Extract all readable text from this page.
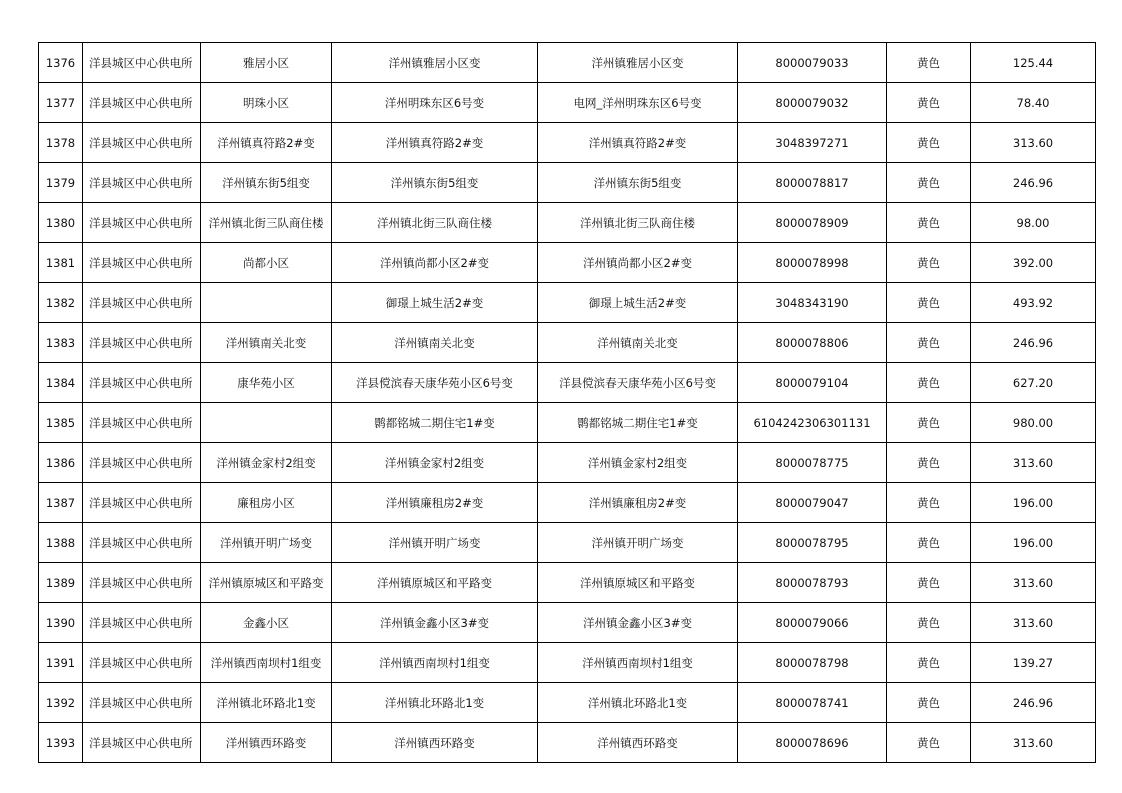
1376	洋县城区中心供电所	雅居小区	洋州镇雅居小区变	洋州镇雅居小区变	8000079033	黄色	125.44
1377	洋县城区中心供电所	明珠小区	洋州明珠东区6号变	电网_洋州明珠东区6号变	8000079032	黄色	78.40
1378	洋县城区中心供电所	洋州镇真符路2#变	洋州镇真符路2#变	洋州镇真符路2#变	3048397271	黄色	313.60
1379	洋县城区中心供电所	洋州镇东街5组变	洋州镇东街5组变	洋州镇东街5组变	8000078817	黄色	246.96
1380	洋县城区中心供电所	洋州镇北街三队商住楼	洋州镇北街三队商住楼	洋州镇北街三队商住楼	8000078909	黄色	98.00
1381	洋县城区中心供电所	尚都小区	洋州镇尚都小区2#变	洋州镇尚都小区2#变	8000078998	黄色	392.00
1382	洋县城区中心供电所		御璟上城生活2#变	御璟上城生活2#变	3048343190	黄色	493.92
1383	洋县城区中心供电所	洋州镇南关北变	洋州镇南关北变	洋州镇南关北变	8000078806	黄色	246.96
1384	洋县城区中心供电所	康华苑小区	洋县傥滨春天康华苑小区6号变	洋县傥滨春天康华苑小区6号变	8000079104	黄色	627.20
1385	洋县城区中心供电所		鹮都铭城二期住宅1#变	鹮都铭城二期住宅1#变	6104242306301131	黄色	980.00
1386	洋县城区中心供电所	洋州镇金家村2组变	洋州镇金家村2组变	洋州镇金家村2组变	8000078775	黄色	313.60
1387	洋县城区中心供电所	廉租房小区	洋州镇廉租房2#变	洋州镇廉租房2#变	8000079047	黄色	196.00
1388	洋县城区中心供电所	洋州镇开明广场变	洋州镇开明广场变	洋州镇开明广场变	8000078795	黄色	196.00
1389	洋县城区中心供电所	洋州镇原城区和平路变	洋州镇原城区和平路变	洋州镇原城区和平路变	8000078793	黄色	313.60
1390	洋县城区中心供电所	金鑫小区	洋州镇金鑫小区3#变	洋州镇金鑫小区3#变	8000079066	黄色	313.60
1391	洋县城区中心供电所	洋州镇西南坝村1组变	洋州镇西南坝村1组变	洋州镇西南坝村1组变	8000078798	黄色	139.27
1392	洋县城区中心供电所	洋州镇北环路北1变	洋州镇北环路北1变	洋州镇北环路北1变	8000078741	黄色	246.96
1393	洋县城区中心供电所	洋州镇西环路变	洋州镇西环路变	洋州镇西环路变	8000078696	黄色	313.60
